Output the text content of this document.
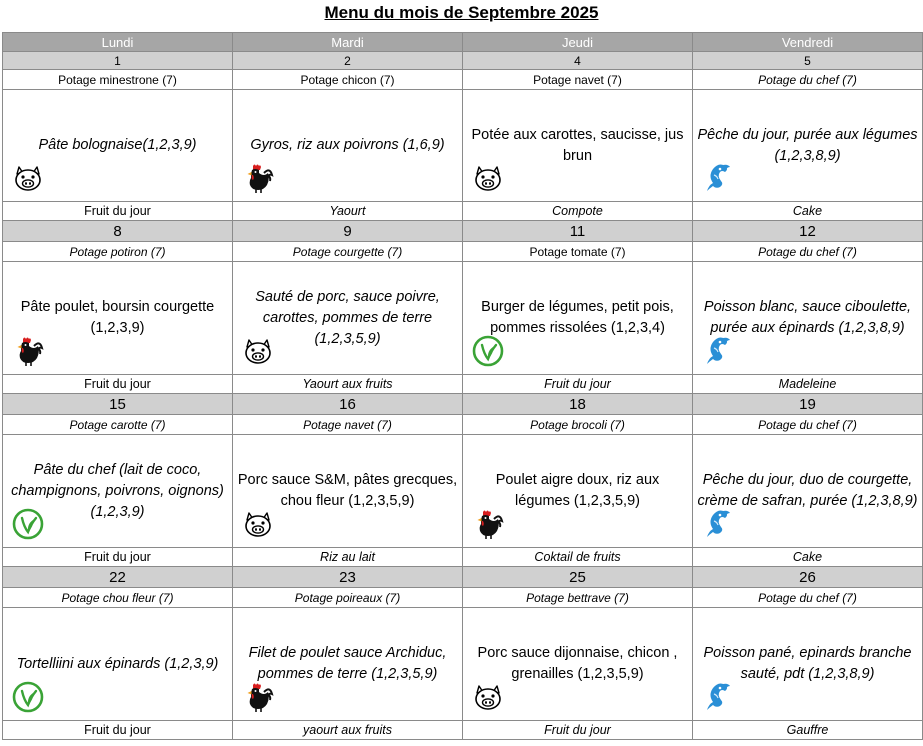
Menu du mois de Septembre 2025
Lundi	Mardi	Jeudi	Vendredi
1	2	4	5
Potage minestrone (7)	Potage chicon (7)	Potage navet (7)	Potage du chef (7)
Pâte bolognaise(1,2,3,9)	Gyros, riz aux poivrons (1,6,9)	Potée aux carottes, saucisse, jus brun	Pêche du jour, purée aux légumes (1,2,3,8,9)

Fruit du jour	Yaourt	Compote	Cake
8	9	11	12
Potage potiron (7)	Potage courgette (7)	Potage tomate (7)	Potage du chef (7)
Pâte poulet, boursin courgette (1,2,3,9)	Sauté de porc, sauce poivre, carottes, pommes de terre (1,2,3,5,9)	Burger de légumes, petit pois, pommes rissolées (1,2,3,4)	Poisson blanc, sauce ciboulette, purée aux épinards (1,2,3,8,9)

Fruit du jour	Yaourt aux fruits	Fruit du jour	Madeleine
15	16	18	19
Potage carotte (7)	Potage navet (7)	Potage brocoli (7)	Potage du chef (7)
Pâte du chef (lait de coco, champignons, poivrons, oignons) (1,2,3,9)	Porc sauce S&M, pâtes grecques, chou fleur (1,2,3,5,9)	Poulet aigre doux, riz aux légumes (1,2,3,5,9)	Pêche du jour, duo de courgette, crème de safran, purée (1,2,3,8,9)

Fruit du jour	Riz au lait	Coktail de fruits	Cake
22	23	25	26
Potage chou fleur (7)	Potage poireaux (7)	Potage bettrave (7)	Potage du chef (7)
Tortelliini aux épinards (1,2,3,9)	Filet de poulet sauce Archiduc, pommes de terre (1,2,3,5,9)	Porc sauce dijonnaise, chicon , grenailles (1,2,3,5,9)	Poisson pané, epinards branche sauté, pdt (1,2,3,8,9)

Fruit du jour	yaourt aux fruits	Fruit du jour	Gauffre
